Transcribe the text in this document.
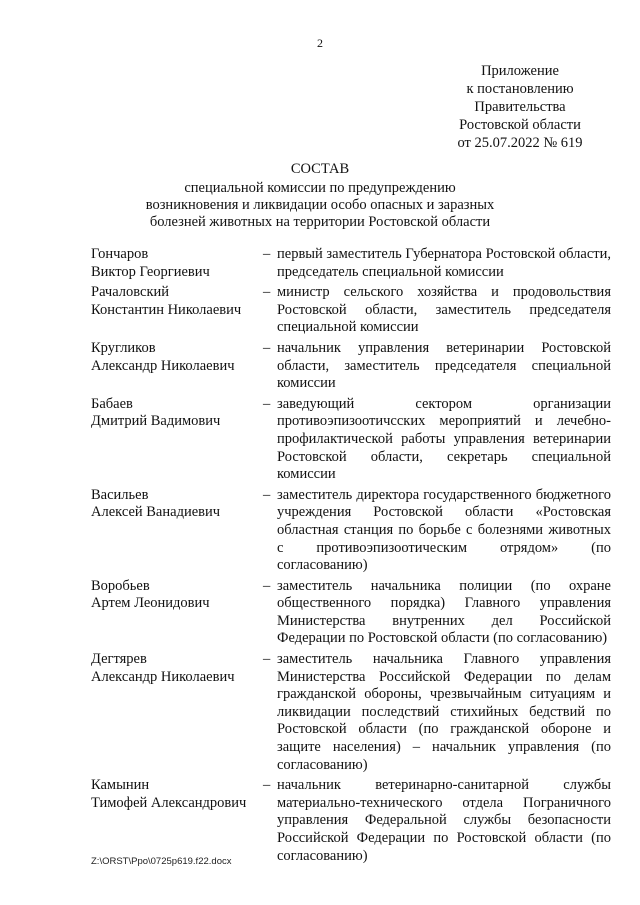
2
Приложение
к постановлению
Правительства
Ростовской области
от 25.07.2022 № 619
СОСТАВ
специальной комиссии по предупреждению
возникновения и ликвидации особо опасных и заразных
болезней животных на территории Ростовской области
Гончаров
Виктор Георгиевич
– первый заместитель Губернатора Ростовской области, председатель специальной комиссии
Рачаловский
Константин Николаевич
– министр сельского хозяйства и продовольствия Ростовской области, заместитель председателя специальной комиссии
Кругликов
Александр Николаевич
– начальник управления ветеринарии Ростовской области, заместитель председателя специальной комиссии
Бабаев
Дмитрий Вадимович
– заведующий сектором организации противоэпизоотичсских мероприятий и лечебно-профилактической работы управления ветеринарии Ростовской области, секретарь специальной комиссии
Васильев
Алексей Ванадиевич
– заместитель директора государственного бюджетного учреждения Ростовской области «Ростовская областная станция по борьбе с болезнями животных с противоэпизоотическим отрядом» (по согласованию)
Воробьев
Артем Леонидович
– заместитель начальника полиции (по охране общественного порядка) Главного управления Министерства внутренних дел Российской Федерации по Ростовской области (по согласованию)
Дегтярев
Александр Николаевич
– заместитель начальника Главного управления Министерства Российской Федерации по делам гражданской обороны, чрезвычайным ситуациям и ликвидации последствий стихийных бедствий по Ростовской области (по гражданской обороне и защите населения) – начальник управления (по согласованию)
Камынин
Тимофей Александрович
– начальник ветеринарно-санитарной службы материально-технического отдела Пограничного управления Федеральной службы безопасности Российской Федерации по Ростовской области (по согласованию)
Z:\ORST\Ppo\0725p619.f22.docx
